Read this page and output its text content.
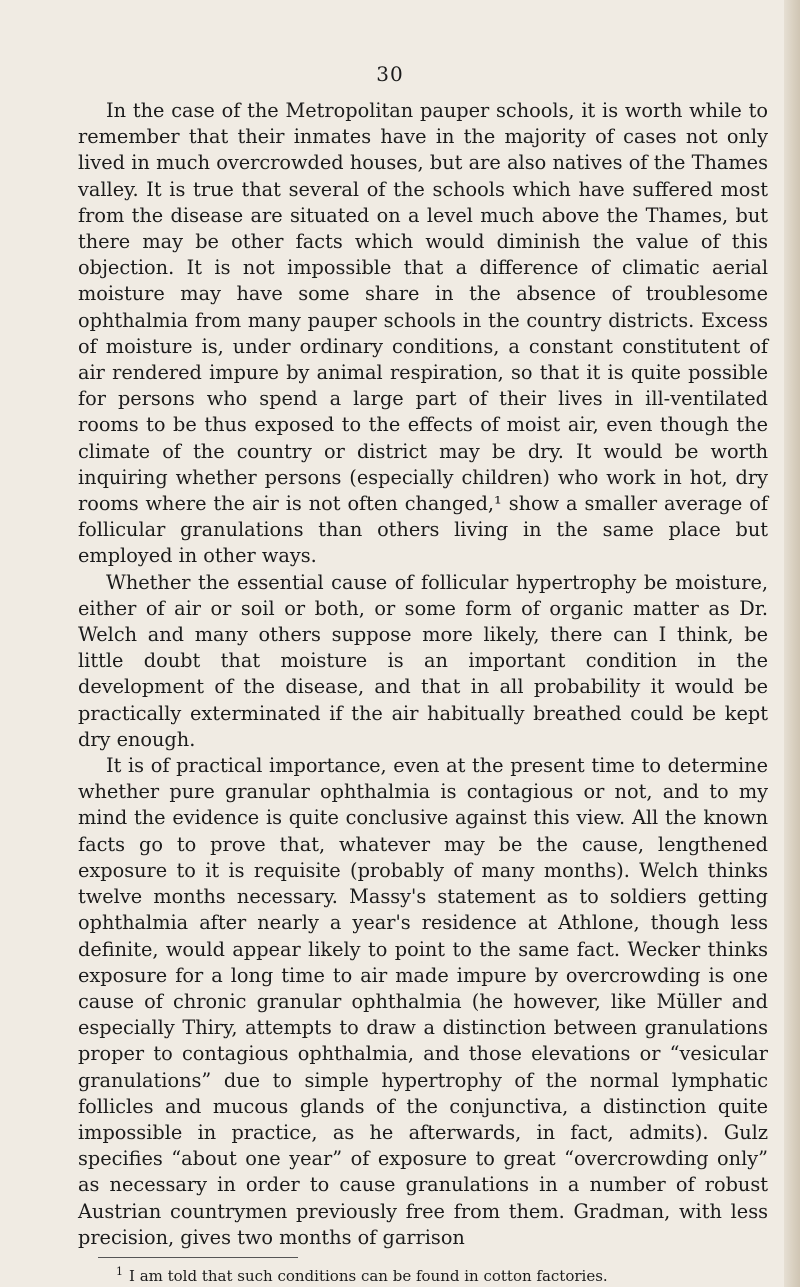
30

In the case of the Metropolitan pauper schools, it is worth while to remember that their inmates have in the majority of cases not only lived in much overcrowded houses, but are also natives of the Thames valley. It is true that several of the schools which have suffered most from the disease are situated on a level much above the Thames, but there may be other facts which would diminish the value of this objection. It is not impossible that a difference of climatic aerial moisture may have some share in the absence of troublesome ophthalmia from many pauper schools in the country districts. Excess of moisture is, under ordinary conditions, a constant constitutent of air rendered impure by animal respiration, so that it is quite possible for persons who spend a large part of their lives in ill-ventilated rooms to be thus exposed to the effects of moist air, even though the climate of the country or district may be dry. It would be worth inquiring whether persons (especially children) who work in hot, dry rooms where the air is not often changed,¹ show a smaller average of follicular granulations than others living in the same place but employed in other ways.

Whether the essential cause of follicular hypertrophy be moisture, either of air or soil or both, or some form of organic matter as Dr. Welch and many others suppose more likely, there can I think, be little doubt that moisture is an important condition in the development of the disease, and that in all probability it would be practically exterminated if the air habitually breathed could be kept dry enough.

It is of practical importance, even at the present time to determine whether pure granular ophthalmia is contagious or not, and to my mind the evidence is quite conclusive against this view. All the known facts go to prove that, whatever may be the cause, lengthened exposure to it is requisite (probably of many months). Welch thinks twelve months necessary. Massy's statement as to soldiers getting ophthalmia after nearly a year's residence at Athlone, though less definite, would appear likely to point to the same fact. Wecker thinks exposure for a long time to air made impure by overcrowding is one cause of chronic granular ophthalmia (he however, like Müller and especially Thiry, attempts to draw a distinction between granulations proper to contagious ophthalmia, and those elevations or “vesicular granulations” due to simple hypertrophy of the normal lymphatic follicles and mucous glands of the conjunctiva, a distinction quite impossible in practice, as he afterwards, in fact, admits). Gulz specifies “about one year” of exposure to great “overcrowding only” as necessary in order to cause granulations in a number of robust Austrian countrymen previously free from them. Gradman, with less precision, gives two months of garrison

$^1$ I am told that such conditions can be found in cotton factories.
